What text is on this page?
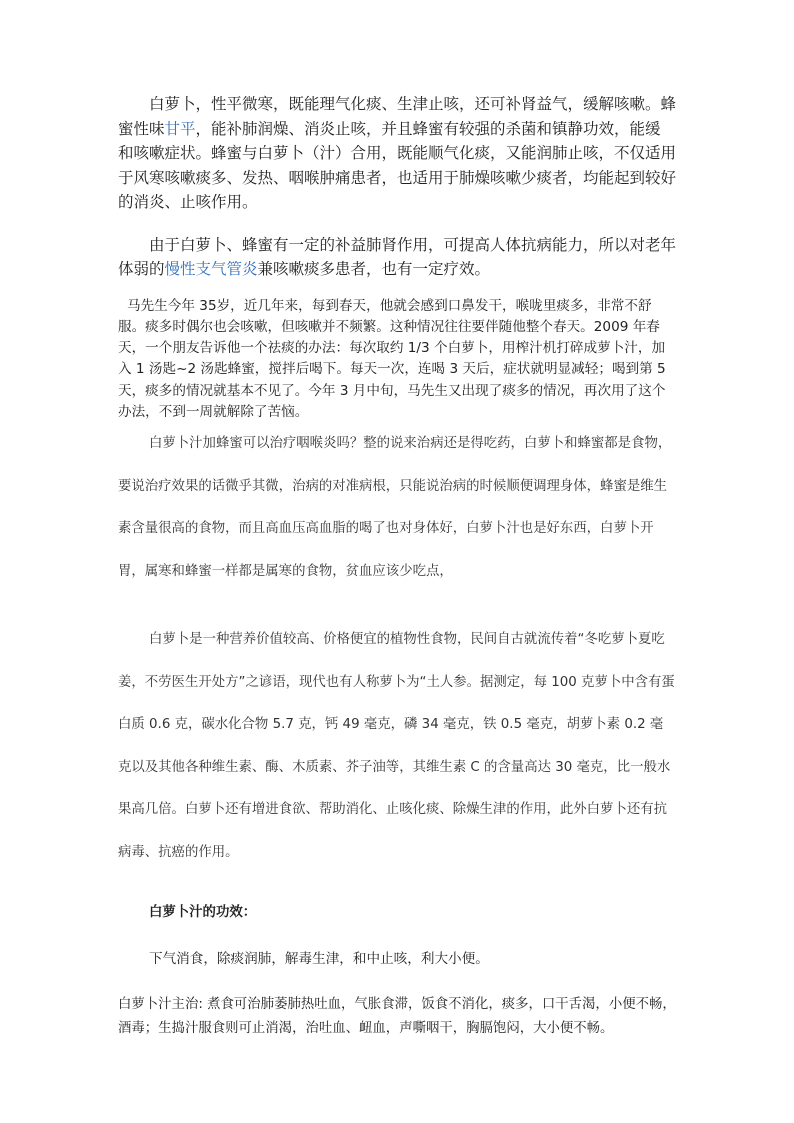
白萝卜，性平微寒，既能理气化痰、生津止咳，还可补肾益气，缓解咳嗽。蜂蜜性味甘平，能补肺润燥、消炎止咳，并且蜂蜜有较强的杀菌和镇静功效，能缓和咳嗽症状。蜂蜜与白萝卜（汁）合用，既能顺气化痰，又能润肺止咳，不仅适用于风寒咳嗽痰多、发热、咽喉肿痛患者，也适用于肺燥咳嗽少痰者，均能起到较好的消炎、止咳作用。

由于白萝卜、蜂蜜有一定的补益肺肾作用，可提高人体抗病能力，所以对老年体弱的慢性支气管炎兼咳嗽痰多患者，也有一定疗效。

马先生今年 35岁，近几年来，每到春天，他就会感到口鼻发干，喉咙里痰多，非常不舒服。痰多时偶尔也会咳嗽，但咳嗽并不频繁。这种情况往往要伴随他整个春天。2009 年春天，一个朋友告诉他一个祛痰的办法：每次取约 1/3 个白萝卜，用榨汁机打碎成萝卜汁，加入 1 汤匙~2 汤匙蜂蜜，搅拌后喝下。每天一次，连喝 3 天后，症状就明显减轻；喝到第 5 天，痰多的情况就基本不见了。今年 3 月中旬，马先生又出现了痰多的情况，再次用了这个办法，不到一周就解除了苦恼。

白萝卜汁加蜂蜜可以治疗咽喉炎吗？整的说来治病还是得吃药，白萝卜和蜂蜜都是食物，要说治疗效果的话微乎其微，治病的对准病根，只能说治病的时候顺便调理身体，蜂蜜是维生素含量很高的食物，而且高血压高血脂的喝了也对身体好，白萝卜汁也是好东西，白萝卜开胃，属寒和蜂蜜一样都是属寒的食物，贫血应该少吃点，

白萝卜是一种营养价值较高、价格便宜的植物性食物，民间自古就流传着“冬吃萝卜夏吃姜，不劳医生开处方”之谚语，现代也有人称萝卜为“土人参。据测定，每 100 克萝卜中含有蛋白质 0.6 克，碳水化合物 5.7 克，钙 49 毫克，磷 34 毫克，铁 0.5 毫克，胡萝卜素 0.2 毫克以及其他各种维生素、酶、木质素、芥子油等，其维生素 C 的含量高达 30 毫克，比一般水果高几倍。白萝卜还有增进食欲、帮助消化、止咳化痰、除燥生津的作用，此外白萝卜还有抗病毒、抗癌的作用。

白萝卜汁的功效：

下气消食，除痰润肺，解毒生津，和中止咳，利大小便。

白萝卜汁主治: 煮食可治肺萎肺热吐血，气胀食滞，饭食不消化，痰多，口干舌渴，小便不畅，酒毒；生捣汁服食则可止消渴，治吐血、衄血，声嘶咽干，胸膈饱闷，大小便不畅。
